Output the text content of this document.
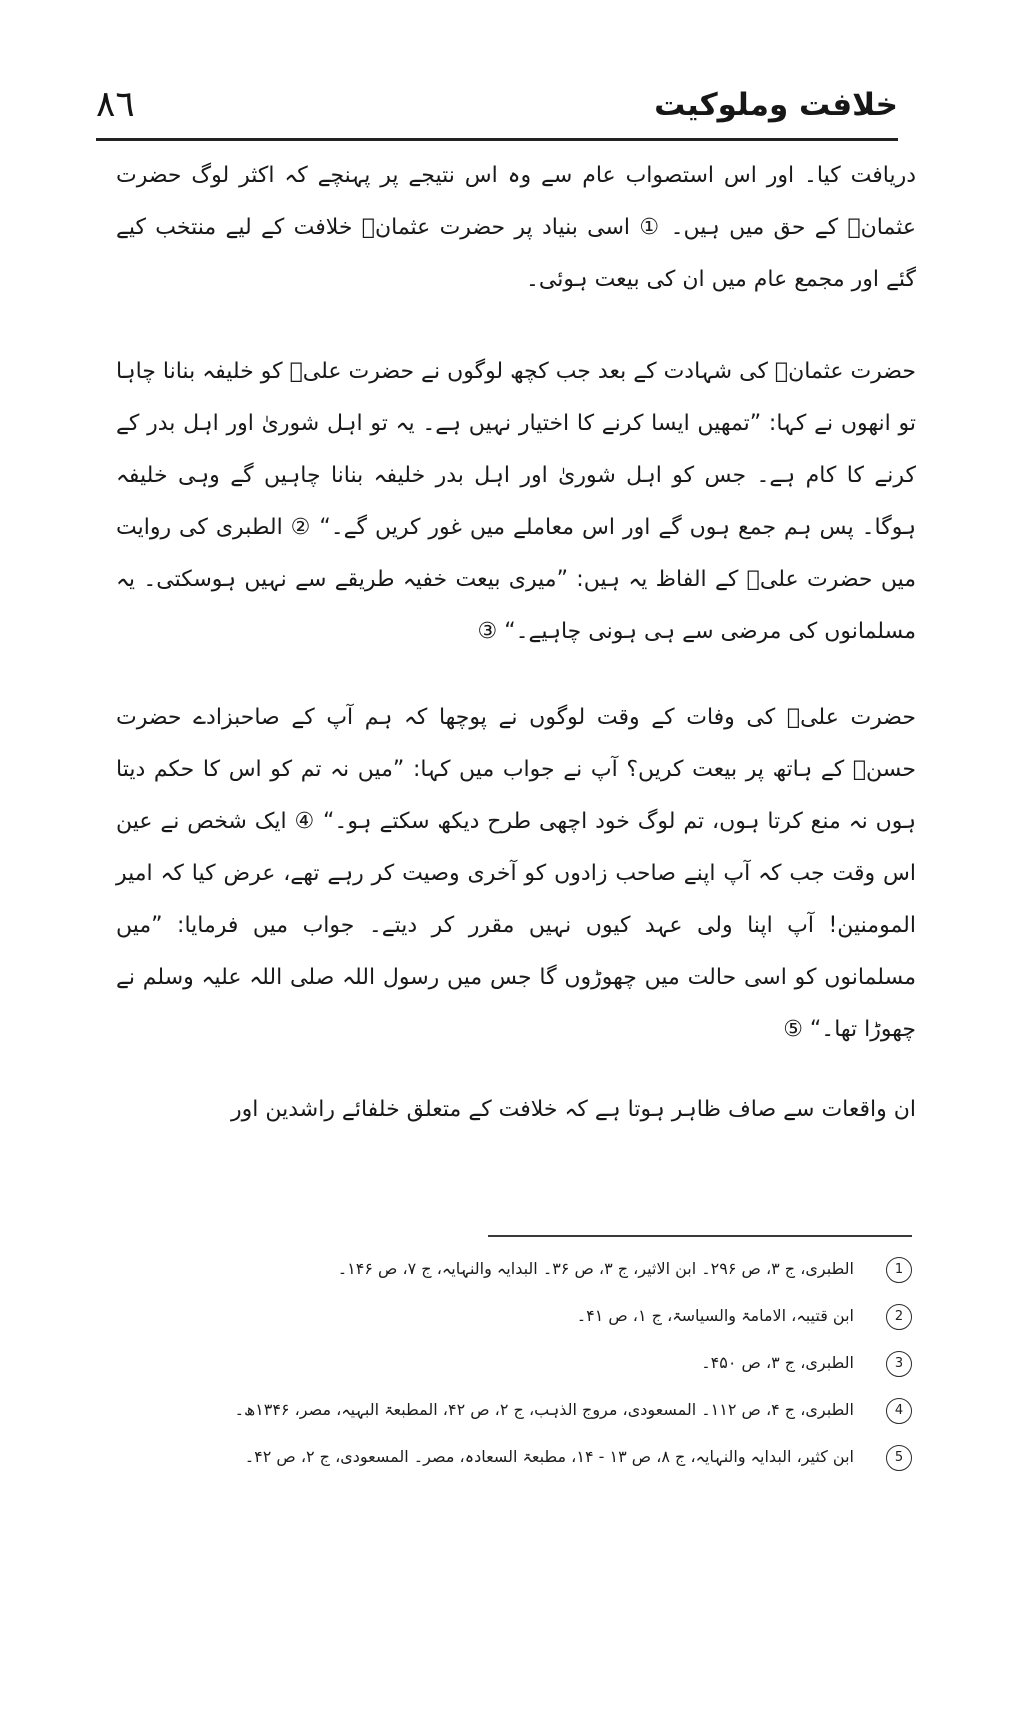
٨٦	خلافت وملوکیت

دریافت کیا۔ اور اس استصواب عام سے وہ اس نتیجے پر پہنچے کہ اکثر لوگ حضرت عثمانؓ کے حق میں ہیں۔ ① اسی بنیاد پر حضرت عثمانؓ خلافت کے لیے منتخب کیے گئے اور مجمع عام میں ان کی بیعت ہوئی۔

حضرت عثمانؓ کی شہادت کے بعد جب کچھ لوگوں نے حضرت علیؓ کو خلیفہ بنانا چاہا تو انھوں نے کہا: ”تمھیں ایسا کرنے کا اختیار نہیں ہے۔ یہ تو اہل شوریٰ اور اہل بدر کے کرنے کا کام ہے۔ جس کو اہل شوریٰ اور اہل بدر خلیفہ بنانا چاہیں گے وہی خلیفہ ہوگا۔ پس ہم جمع ہوں گے اور اس معاملے میں غور کریں گے۔“ ② الطبری کی روایت میں حضرت علیؓ کے الفاظ یہ ہیں: ”میری بیعت خفیہ طریقے سے نہیں ہوسکتی۔ یہ مسلمانوں کی مرضی سے ہی ہونی چاہیے۔“ ③

حضرت علیؓ کی وفات کے وقت لوگوں نے پوچھا کہ ہم آپ کے صاحبزادے حضرت حسنؓ کے ہاتھ پر بیعت کریں؟ آپ نے جواب میں کہا: ”میں نہ تم کو اس کا حکم دیتا ہوں نہ منع کرتا ہوں، تم لوگ خود اچھی طرح دیکھ سکتے ہو۔“ ④ ایک شخص نے عین اس وقت جب کہ آپ اپنے صاحب زادوں کو آخری وصیت کر رہے تھے، عرض کیا کہ امیر المومنین! آپ اپنا ولی عہد کیوں نہیں مقرر کر دیتے۔ جواب میں فرمایا: ”میں مسلمانوں کو اسی حالت میں چھوڑوں گا جس میں رسول اللہ صلی اللہ علیہ وسلم نے چھوڑا تھا۔“ ⑤

ان واقعات سے صاف ظاہر ہوتا ہے کہ خلافت کے متعلق خلفائے راشدین اور

1
الطبری، ج ۳، ص ۲۹۶۔ ابن الاثیر، ج ۳، ص ۳۶۔ البدایہ والنہایہ، ج ۷، ص ۱۴۶۔
2
ابن قتیبہ، الامامۃ والسیاسۃ، ج ۱، ص ۴۱۔
3
الطبری، ج ۳، ص ۴۵۰۔
4
الطبری، ج ۴، ص ۱۱۲۔ المسعودی، مروج الذہب، ج ۲، ص ۴۲، المطبعۃ البہیہ، مصر، ۱۳۴۶ھ۔
5
ابن کثیر، البدایہ والنہایہ، ج ۸، ص ۱۳ - ۱۴، مطبعۃ السعادہ، مصر۔ المسعودی، ج ۲، ص ۴۲۔
